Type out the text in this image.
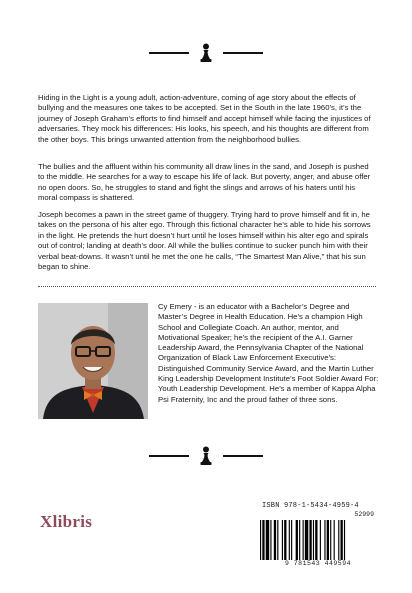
Hiding in the Light is a young adult, action-adventure, coming of age story about the effects of bullying and the measures one takes to be accepted. Set in the South in the late 1960’s, it’s the journey of Joseph Graham’s efforts to find himself and accept himself while facing the injustices of adversaries. They mock his differences: His looks, his speech, and his thoughts are different from the other boys. This brings unwanted attention from the neighborhood bullies.

The bullies and the affluent within his community all draw lines in the sand, and Joseph is pushed to the middle. He searches for a way to escape his life of lack. But poverty, anger, and abuse offer no open doors. So, he struggles to stand and fight the slings and arrows of his haters until his moral compass is shattered.

Joseph becomes a pawn in the street game of thuggery. Trying hard to prove himself and fit in, he takes on the persona of his alter ego. Through this fictional character he’s able to hide his sorrows in the light. He pretends the hurt doesn’t hurt until he loses himself within his alter ego and spirals out of control; landing at death’s door. All while the bullies continue to sucker punch him with their verbal beat-downs. It wasn’t until he met the one he calls, “The Smartest Man Alive,” that his sun began to shine.

Cy Emery - is an educator with a Bachelor’s Degree and Master’s Degree in Health Education. He’s a champion High School and Collegiate Coach. An author, mentor, and Motivational Speaker; he’s the recipient of the A.I. Garner Leadership Award, the Pennsylvania Chapter of the National Organization of Black Law Enforcement Executive’s: Distinguished Community Service Award, and the Martin Luther King Leadership Development Institute’s Foot Soldier Award For: Youth Leadership Development. He’s a member of Kappa Alpha Psi Fraternity, Inc and the proud father of three sons.

Xlibris
ISBN 978-1-5434-4959-4
52999
9 781543 449594
